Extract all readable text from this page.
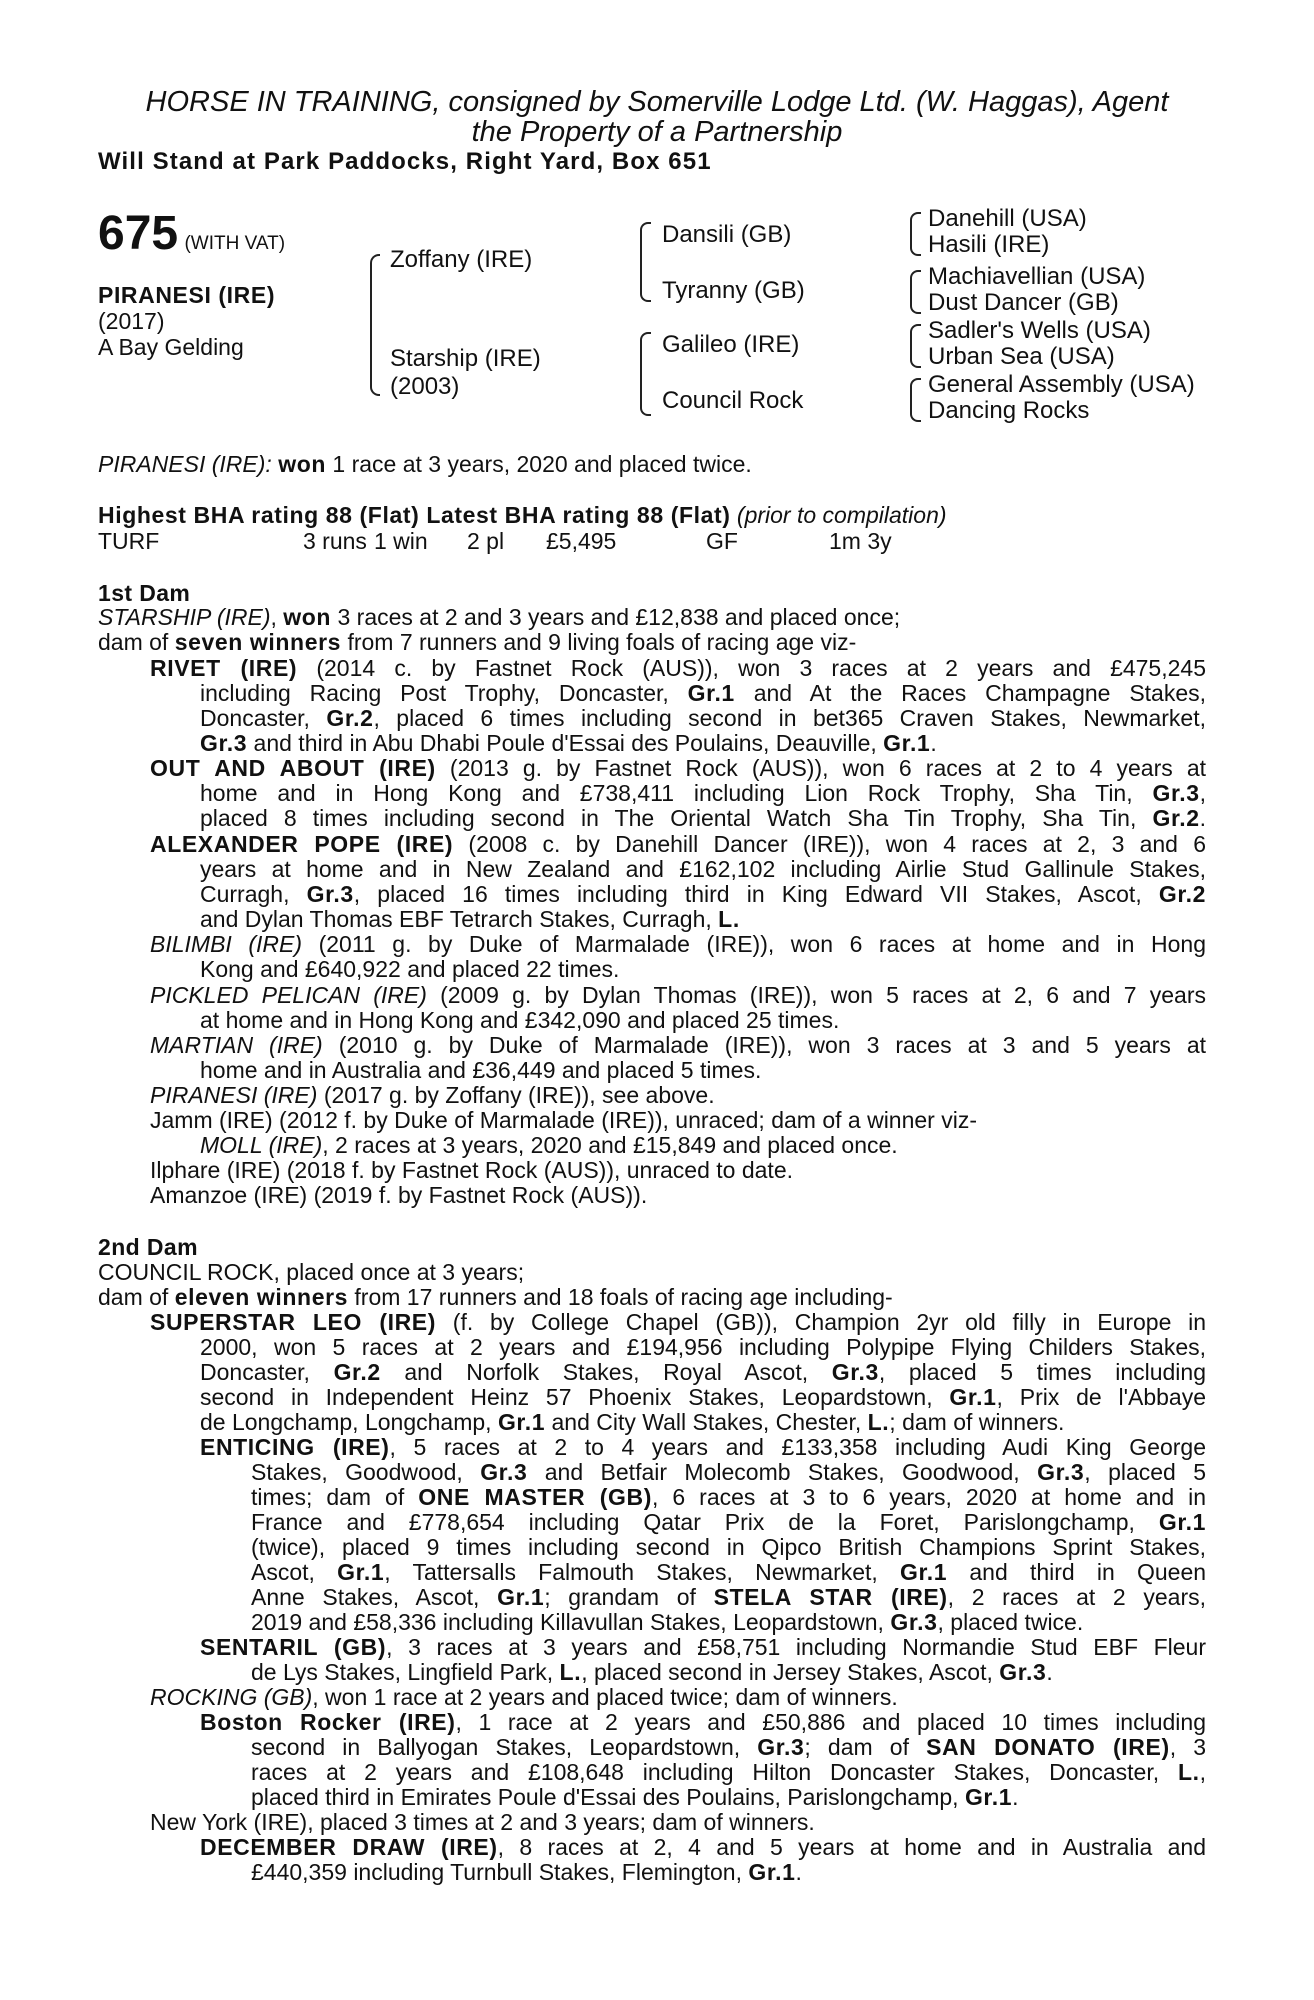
HORSE IN TRAINING, consigned by Somerville Lodge Ltd. (W. Haggas), Agent
the Property of a Partnership
Will Stand at Park Paddocks, Right Yard, Box 651
675 (WITH VAT)
PIRANESI (IRE)
(2017)
A Bay Gelding
Zoffany (IRE)
Starship (IRE)
(2003)
Dansili (GB)
Tyranny (GB)
Galileo (IRE)
Council Rock
Danehill (USA)
Hasili (IRE)
Machiavellian (USA)
Dust Dancer (GB)
Sadler's Wells (USA)
Urban Sea (USA)
General Assembly (USA)
Dancing Rocks
PIRANESI (IRE): won 1 race at 3 years, 2020 and placed twice.
Highest BHA rating 88 (Flat) Latest BHA rating 88 (Flat) (prior to compilation)
TURF	3 runs 1 win 2 pl £5,495	GF	1m 3y
1st Dam
STARSHIP (IRE), won 3 races at 2 and 3 years and £12,838 and placed once;
dam of seven winners from 7 runners and 9 living foals of racing age viz-
RIVET (IRE) (2014 c. by Fastnet Rock (AUS)), won 3 races at 2 years and £475,245
including Racing Post Trophy, Doncaster, Gr.1 and At the Races Champagne Stakes,
Doncaster, Gr.2, placed 6 times including second in bet365 Craven Stakes, Newmarket,
Gr.3 and third in Abu Dhabi Poule d'Essai des Poulains, Deauville, Gr.1.
OUT AND ABOUT (IRE) (2013 g. by Fastnet Rock (AUS)), won 6 races at 2 to 4 years at
home and in Hong Kong and £738,411 including Lion Rock Trophy, Sha Tin, Gr.3,
placed 8 times including second in The Oriental Watch Sha Tin Trophy, Sha Tin, Gr.2.
ALEXANDER POPE (IRE) (2008 c. by Danehill Dancer (IRE)), won 4 races at 2, 3 and 6
years at home and in New Zealand and £162,102 including Airlie Stud Gallinule Stakes,
Curragh, Gr.3, placed 16 times including third in King Edward VII Stakes, Ascot, Gr.2
and Dylan Thomas EBF Tetrarch Stakes, Curragh, L.
BILIMBI (IRE) (2011 g. by Duke of Marmalade (IRE)), won 6 races at home and in Hong
Kong and £640,922 and placed 22 times.
PICKLED PELICAN (IRE) (2009 g. by Dylan Thomas (IRE)), won 5 races at 2, 6 and 7 years
at home and in Hong Kong and £342,090 and placed 25 times.
MARTIAN (IRE) (2010 g. by Duke of Marmalade (IRE)), won 3 races at 3 and 5 years at
home and in Australia and £36,449 and placed 5 times.
PIRANESI (IRE) (2017 g. by Zoffany (IRE)), see above.
Jamm (IRE) (2012 f. by Duke of Marmalade (IRE)), unraced; dam of a winner viz-
MOLL (IRE), 2 races at 3 years, 2020 and £15,849 and placed once.
Ilphare (IRE) (2018 f. by Fastnet Rock (AUS)), unraced to date.
Amanzoe (IRE) (2019 f. by Fastnet Rock (AUS)).
2nd Dam
COUNCIL ROCK, placed once at 3 years;
dam of eleven winners from 17 runners and 18 foals of racing age including-
SUPERSTAR LEO (IRE) (f. by College Chapel (GB)), Champion 2yr old filly in Europe in
2000, won 5 races at 2 years and £194,956 including Polypipe Flying Childers Stakes,
Doncaster, Gr.2 and Norfolk Stakes, Royal Ascot, Gr.3, placed 5 times including
second in Independent Heinz 57 Phoenix Stakes, Leopardstown, Gr.1, Prix de l'Abbaye
de Longchamp, Longchamp, Gr.1 and City Wall Stakes, Chester, L.; dam of winners.
ENTICING (IRE), 5 races at 2 to 4 years and £133,358 including Audi King George
Stakes, Goodwood, Gr.3 and Betfair Molecomb Stakes, Goodwood, Gr.3, placed 5
times; dam of ONE MASTER (GB), 6 races at 3 to 6 years, 2020 at home and in
France and £778,654 including Qatar Prix de la Foret, Parislongchamp, Gr.1
(twice), placed 9 times including second in Qipco British Champions Sprint Stakes,
Ascot, Gr.1, Tattersalls Falmouth Stakes, Newmarket, Gr.1 and third in Queen
Anne Stakes, Ascot, Gr.1; grandam of STELA STAR (IRE), 2 races at 2 years,
2019 and £58,336 including Killavullan Stakes, Leopardstown, Gr.3, placed twice.
SENTARIL (GB), 3 races at 3 years and £58,751 including Normandie Stud EBF Fleur
de Lys Stakes, Lingfield Park, L., placed second in Jersey Stakes, Ascot, Gr.3.
ROCKING (GB), won 1 race at 2 years and placed twice; dam of winners.
Boston Rocker (IRE), 1 race at 2 years and £50,886 and placed 10 times including
second in Ballyogan Stakes, Leopardstown, Gr.3; dam of SAN DONATO (IRE), 3
races at 2 years and £108,648 including Hilton Doncaster Stakes, Doncaster, L.,
placed third in Emirates Poule d'Essai des Poulains, Parislongchamp, Gr.1.
New York (IRE), placed 3 times at 2 and 3 years; dam of winners.
DECEMBER DRAW (IRE), 8 races at 2, 4 and 5 years at home and in Australia and
£440,359 including Turnbull Stakes, Flemington, Gr.1.
